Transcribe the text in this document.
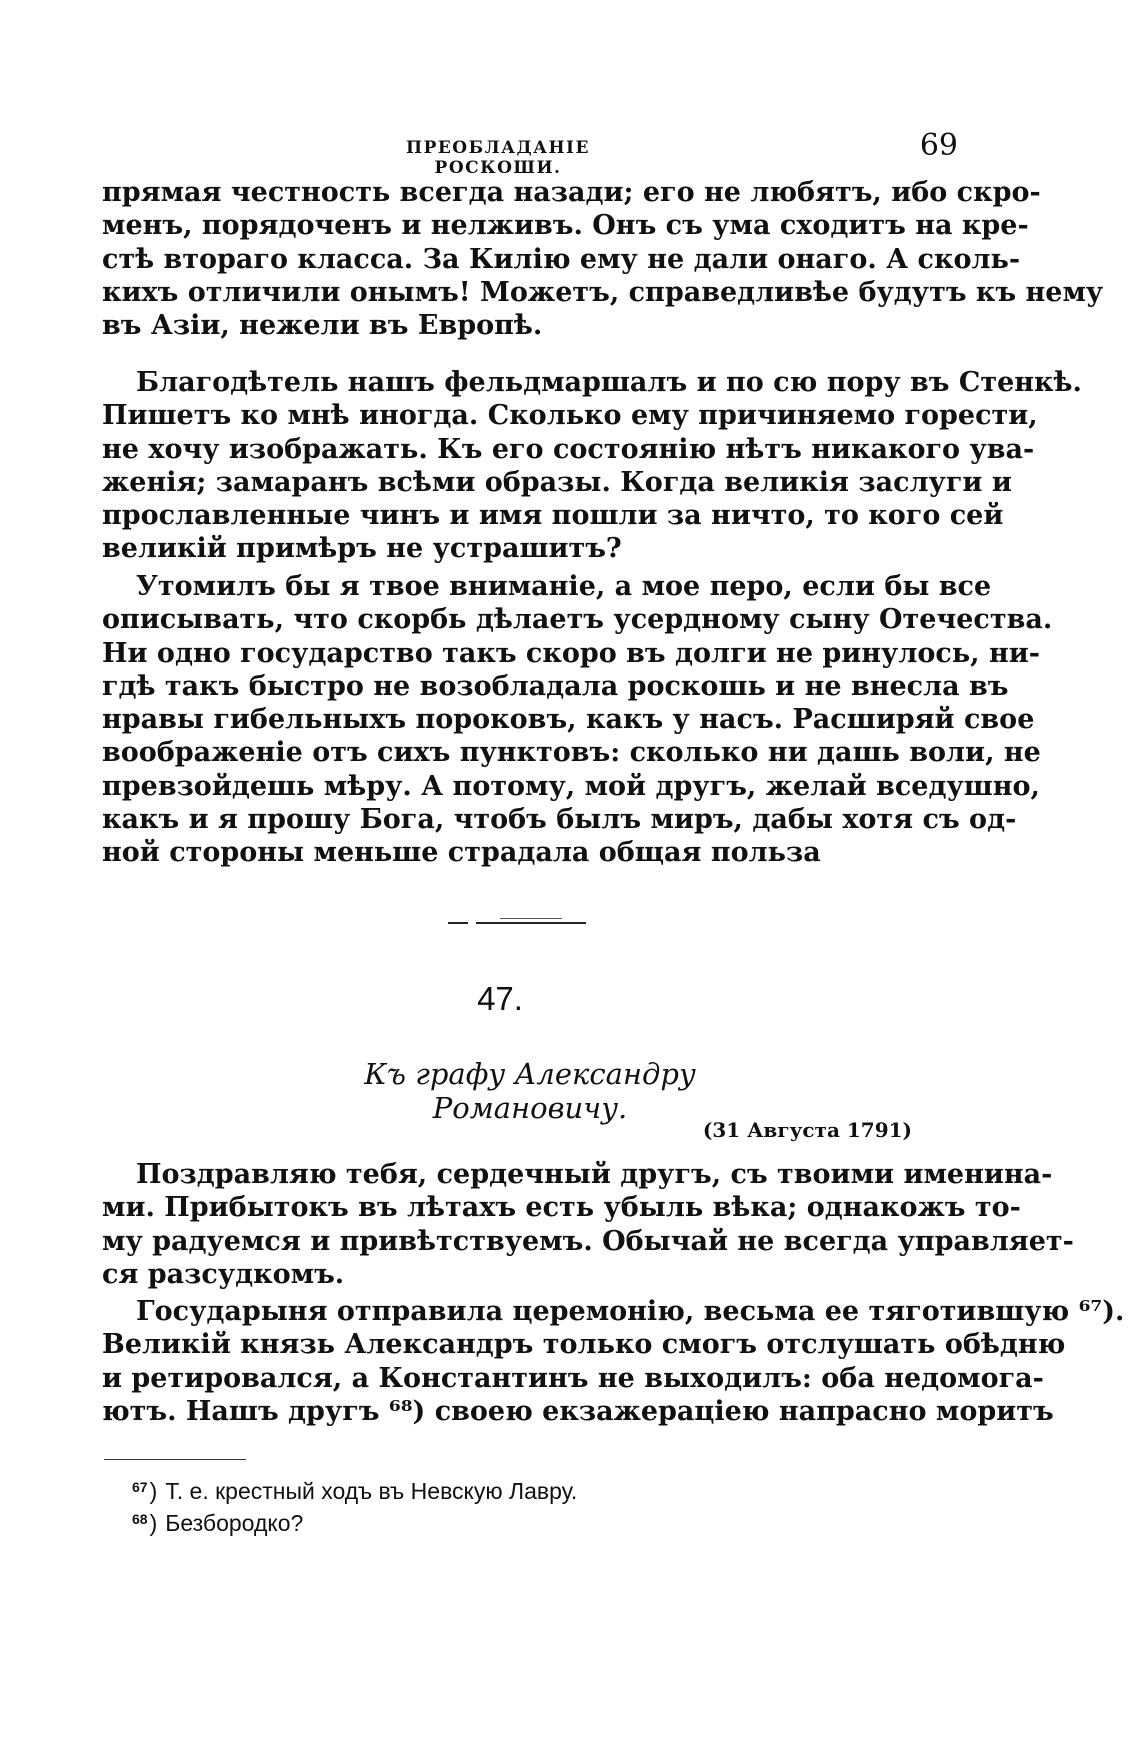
ПРЕОБЛАДАНІЕ РОСКОШИ.
69
прямая честность всегда назади; его не любятъ, ибо скро-
менъ, порядоченъ и нелживъ. Онъ съ ума сходитъ на кре-
стѣ втораго класса. За Килію ему не дали онаго. А сколь-
кихъ отличили онымъ! Можетъ, справедливѣе будутъ къ нему
въ Азіи, нежели въ Европѣ.
Благодѣтель нашъ фельдмаршалъ и по сю пору въ Стенкѣ.
Пишетъ ко мнѣ иногда. Сколько ему причиняемо горести,
не хочу изображать. Къ его состоянію нѣтъ никакого ува-
женія; замаранъ всѣми образы. Когда великія заслуги и
прославленные чинъ и имя пошли за ничто, то кого сей
великій примѣръ не устрашитъ?
Утомилъ бы я твое вниманіе, а мое перо, если бы все
описывать, что скорбь дѣлаетъ усердному сыну Отечества.
Ни одно государство такъ скоро въ долги не ринулось, ни-
гдѣ такъ быстро не возобладала роскошь и не внесла въ
нравы гибельныхъ пороковъ, какъ у насъ. Расширяй свое
воображеніе отъ сихъ пунктовъ: сколько ни дашь воли, не
превзойдешь мѣру. А потому, мой другъ, желай вседушно,
какъ и я прошу Бога, чтобъ былъ миръ, дабы хотя съ од-
ной стороны меньше страдала общая польза
47.
Къ графу Александру Романовичу.
(31 Августа 1791)
Поздравляю тебя, сердечный другъ, съ твоими именина-
ми. Прибытокъ въ лѣтахъ есть убыль вѣка; однакожъ то-
му радуемся и привѣтствуемъ. Обычай не всегда управляет-
ся разсудкомъ.
Государыня отправила церемонію, весьма ее тяготившую ⁶⁷).
Великій князь Александръ только смогъ отслушать обѣдню
и ретировался, а Константинъ не выходилъ: оба недомога-
ютъ. Нашъ другъ ⁶⁸) своею екзажераціею напрасно моритъ
$^{67}$) Т. е. крестный ходъ въ Невскую Лавру.
$^{68}$) Безбородко?
